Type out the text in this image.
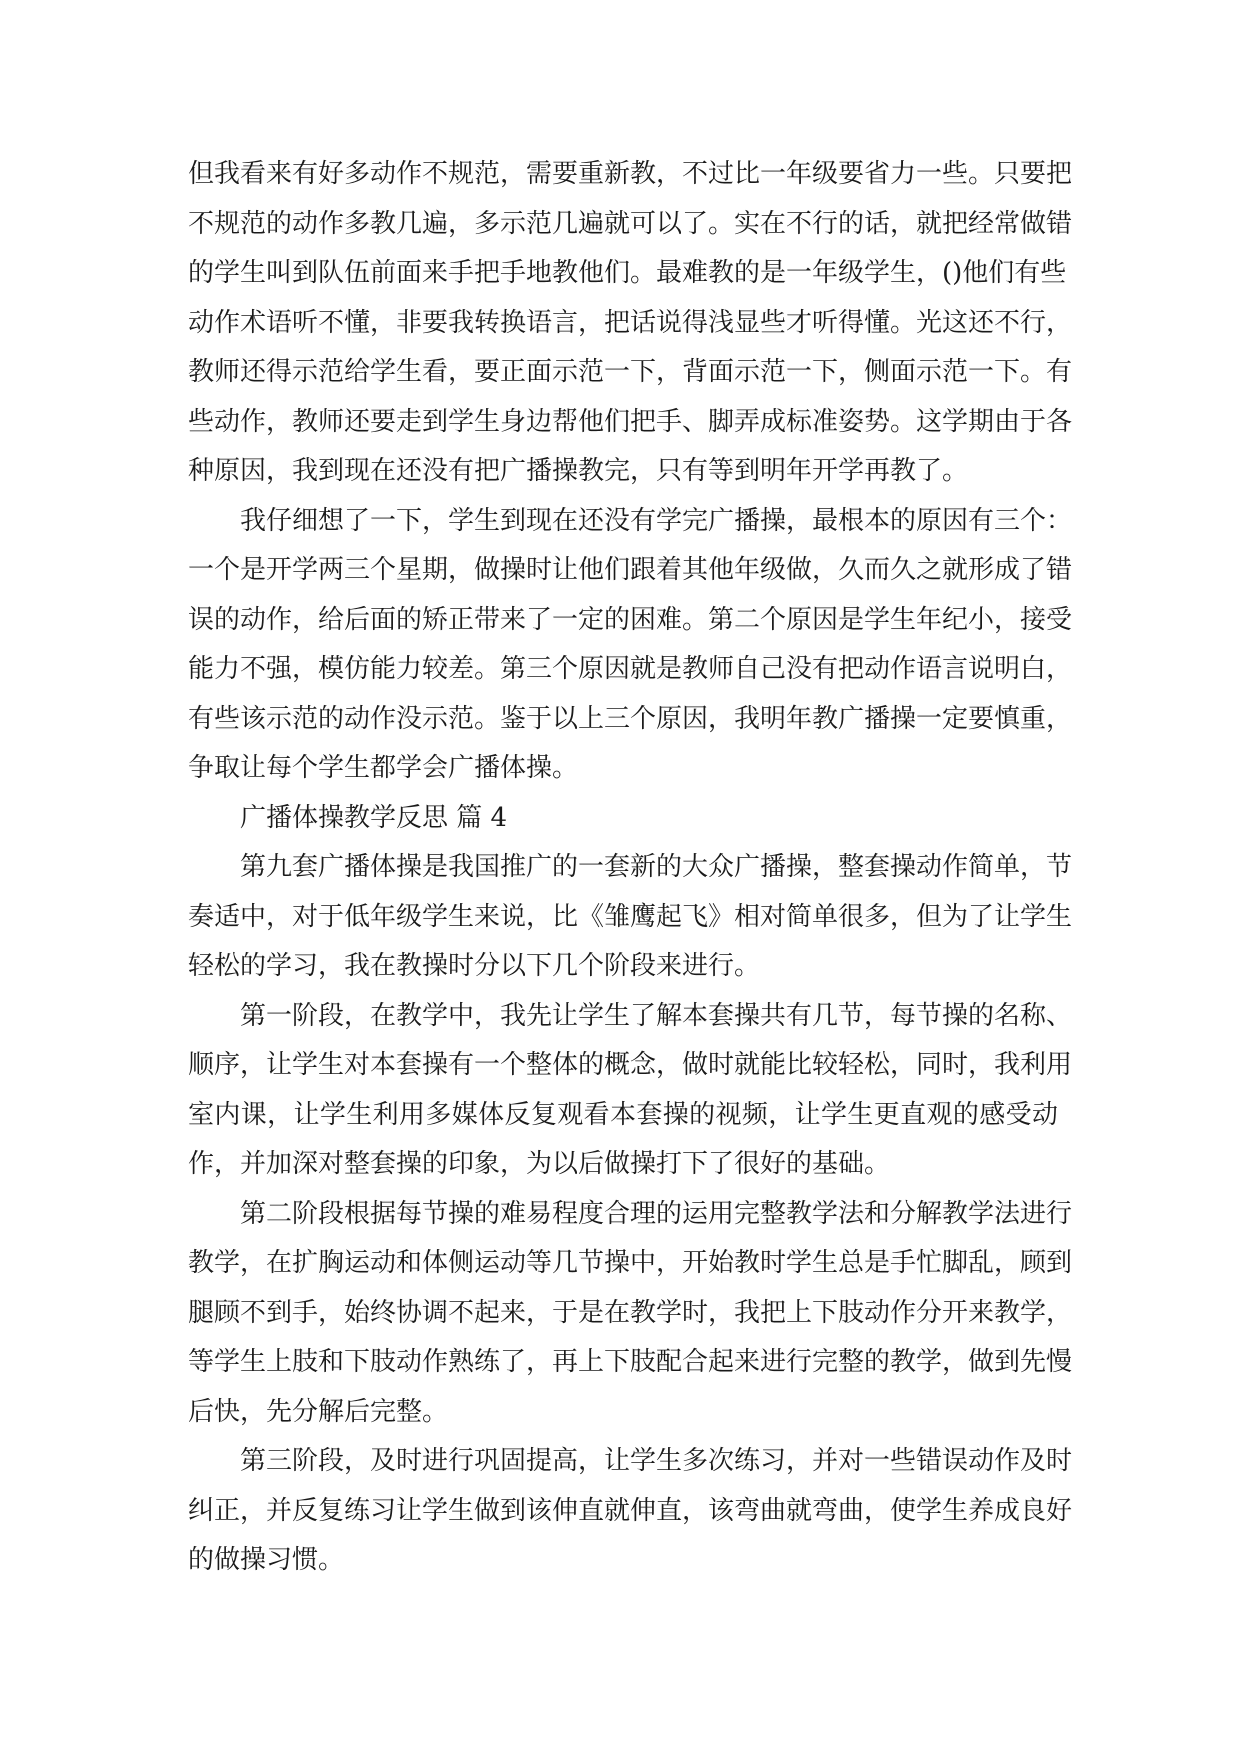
但我看来有好多动作不规范，需要重新教，不过比一年级要省力一些。只要把
不规范的动作多教几遍，多示范几遍就可以了。实在不行的话，就把经常做错
的学生叫到队伍前面来手把手地教他们。最难教的是一年级学生，()他们有些
动作术语听不懂，非要我转换语言，把话说得浅显些才听得懂。光这还不行，
教师还得示范给学生看，要正面示范一下，背面示范一下，侧面示范一下。有
些动作，教师还要走到学生身边帮他们把手、脚弄成标准姿势。这学期由于各
种原因，我到现在还没有把广播操教完，只有等到明年开学再教了。
我仔细想了一下，学生到现在还没有学完广播操，最根本的原因有三个：
一个是开学两三个星期，做操时让他们跟着其他年级做，久而久之就形成了错
误的动作，给后面的矫正带来了一定的困难。第二个原因是学生年纪小，接受
能力不强，模仿能力较差。第三个原因就是教师自己没有把动作语言说明白，
有些该示范的动作没示范。鉴于以上三个原因，我明年教广播操一定要慎重，
争取让每个学生都学会广播体操。
广播体操教学反思 篇 4
第九套广播体操是我国推广的一套新的大众广播操，整套操动作简单，节
奏适中，对于低年级学生来说，比《雏鹰起飞》相对简单很多，但为了让学生
轻松的学习，我在教操时分以下几个阶段来进行。
第一阶段，在教学中，我先让学生了解本套操共有几节，每节操的名称、
顺序，让学生对本套操有一个整体的概念，做时就能比较轻松，同时，我利用
室内课，让学生利用多媒体反复观看本套操的视频，让学生更直观的感受动
作，并加深对整套操的印象，为以后做操打下了很好的基础。
第二阶段根据每节操的难易程度合理的运用完整教学法和分解教学法进行
教学，在扩胸运动和体侧运动等几节操中，开始教时学生总是手忙脚乱，顾到
腿顾不到手，始终协调不起来，于是在教学时，我把上下肢动作分开来教学，
等学生上肢和下肢动作熟练了，再上下肢配合起来进行完整的教学，做到先慢
后快，先分解后完整。
第三阶段，及时进行巩固提高，让学生多次练习，并对一些错误动作及时
纠正，并反复练习让学生做到该伸直就伸直，该弯曲就弯曲，使学生养成良好
的做操习惯。
